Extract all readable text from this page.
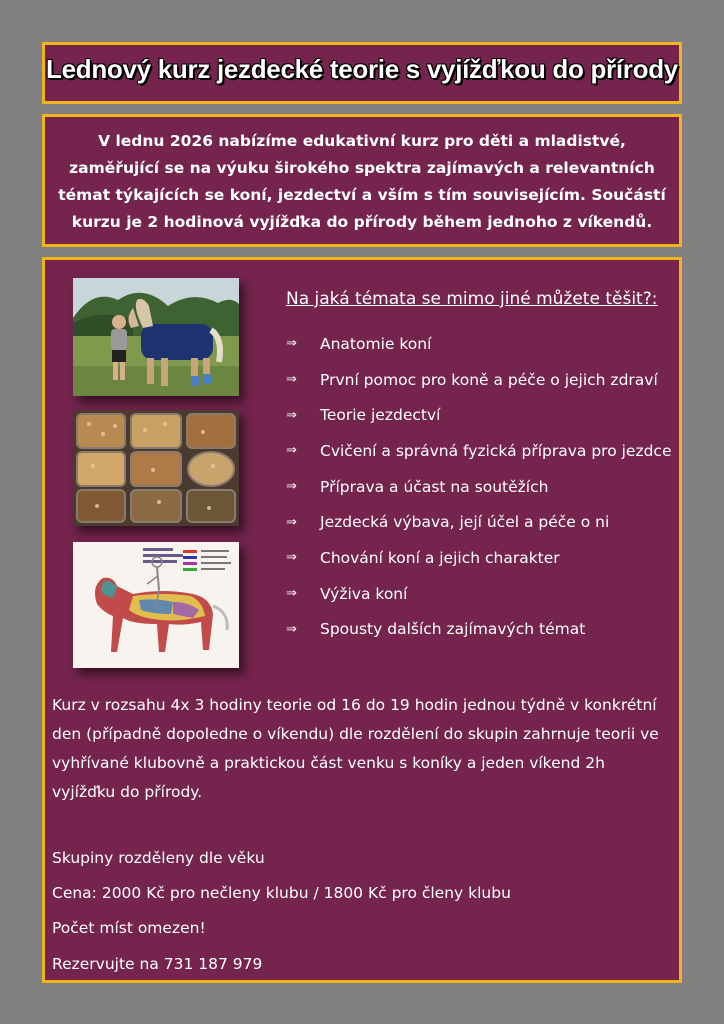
Lednový kurz jezdecké teorie s vyjížďkou do přírody
V lednu 2026 nabízíme edukativní kurz pro děti a mladistvé, zaměřující se na výuku širokého spektra zajímavých a relevantních témat týkajících se koní, jezdectví a vším s tím souvisejícím. Součástí kurzu je 2 hodinová vyjížďka do přírody během jednoho z víkendů.
Na jaká témata se mimo jiné můžete těšit?:
⇒	Anatomie koní
⇒	První pomoc pro koně a péče o jejich zdraví
⇒	Teorie jezdectví
⇒	Cvičení a správná fyzická příprava pro jezdce
⇒	Příprava a účast na soutěžích
⇒	Jezdecká výbava, její účel a péče o ni
⇒	Chování koní a jejich charakter
⇒	Výživa koní
⇒	Spousty dalších zajímavých témat
Kurz v rozsahu 4x 3 hodiny teorie od 16 do 19 hodin jednou týdně v konkrétní den (případně dopoledne o víkendu) dle rozdělení do skupin zahrnuje teorii ve vyhřívané klubovně a praktickou část venku s koníky a jeden víkend 2h vyjížďku do přírody.
Skupiny rozděleny dle věku
Cena: 2000 Kč pro nečleny klubu / 1800 Kč pro členy klubu
Počet míst omezen!
Rezervujte na 731 187 979
